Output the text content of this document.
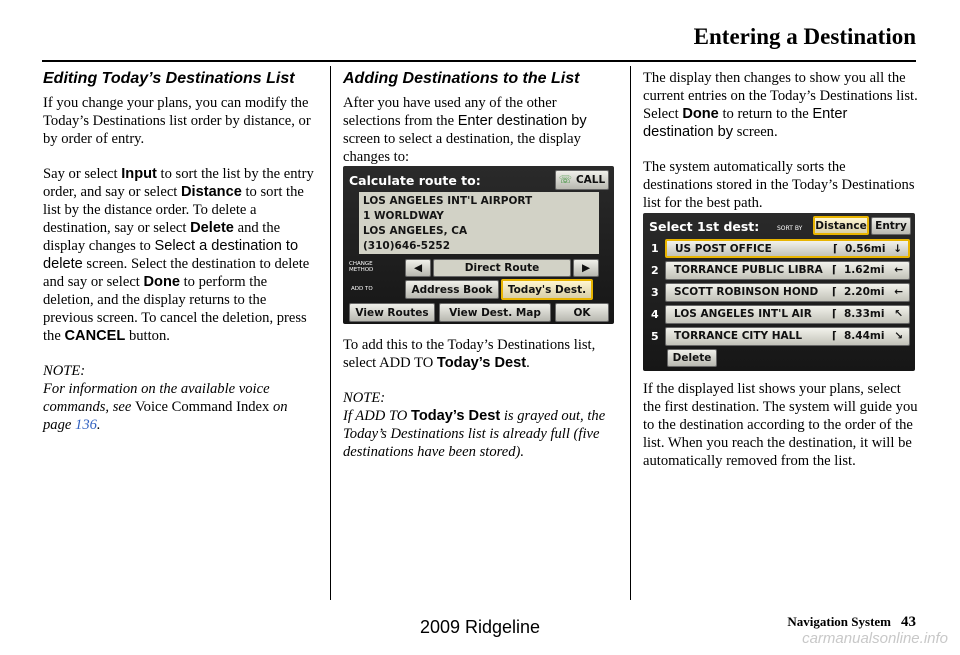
Entering a Destination
Editing Today’s Destinations List

If you change your plans, you can modify the Today’s Destinations list order by distance, or by order of entry.

Say or select Input to sort the list by the entry order, and say or select Distance to sort the list by the distance order. To delete a destination, say or select Delete and the display changes to Select a destination to delete screen. Select the destination to delete and say or select Done to perform the deletion, and the display returns to the previous screen. To cancel the deletion, press the CANCEL button.

NOTE:

For information on the available voice commands, see Voice Command Index on page 136.

Adding Destinations to the List

After you have used any of the other selections from the Enter destination by screen to select a destination, the display changes to:

To add this to the Today’s Destinations list, select ADD TO Today’s Dest.

NOTE:

If ADD TO Today’s Dest is grayed out, the Today’s Destinations list is already full (five destinations have been stored).

The display then changes to show you all the current entries on the Today’s Destinations list. Select Done to return to the Enter destination by screen.

The system automatically sorts the destinations stored in the Today’s Destinations list for the best path.

If the displayed list shows your plans, select the first destination. The system will guide you to the destination according to the order of the list. When you reach the destination, it will be automatically removed from the list.

Calculate route to:	☏ CALL
LOS ANGELES INT'L AIRPORT
1 WORLDWAY
LOS ANGELES, CA
(310)646-5252
CHANGE METHOD	◀	Direct Route	▶
ADD TO	Address Book	Today's Dest.
View Routes	View Dest. Map	OK
Select 1st dest:	SORT BY Distance Entry
1 US POST OFFICE	⌈ 0.56mi ↓
2 TORRANCE PUBLIC LIBRA ⌈ 1.62mi ←
3 SCOTT ROBINSON HOND ⌈ 2.20mi ←
4 LOS ANGELES INT'L AIR ⌈ 8.33mi ↖
5 TORRANCE CITY HALL	⌈ 8.44mi ↘
Delete
Navigation System 43
2009 Ridgeline
carmanualsonline.info
